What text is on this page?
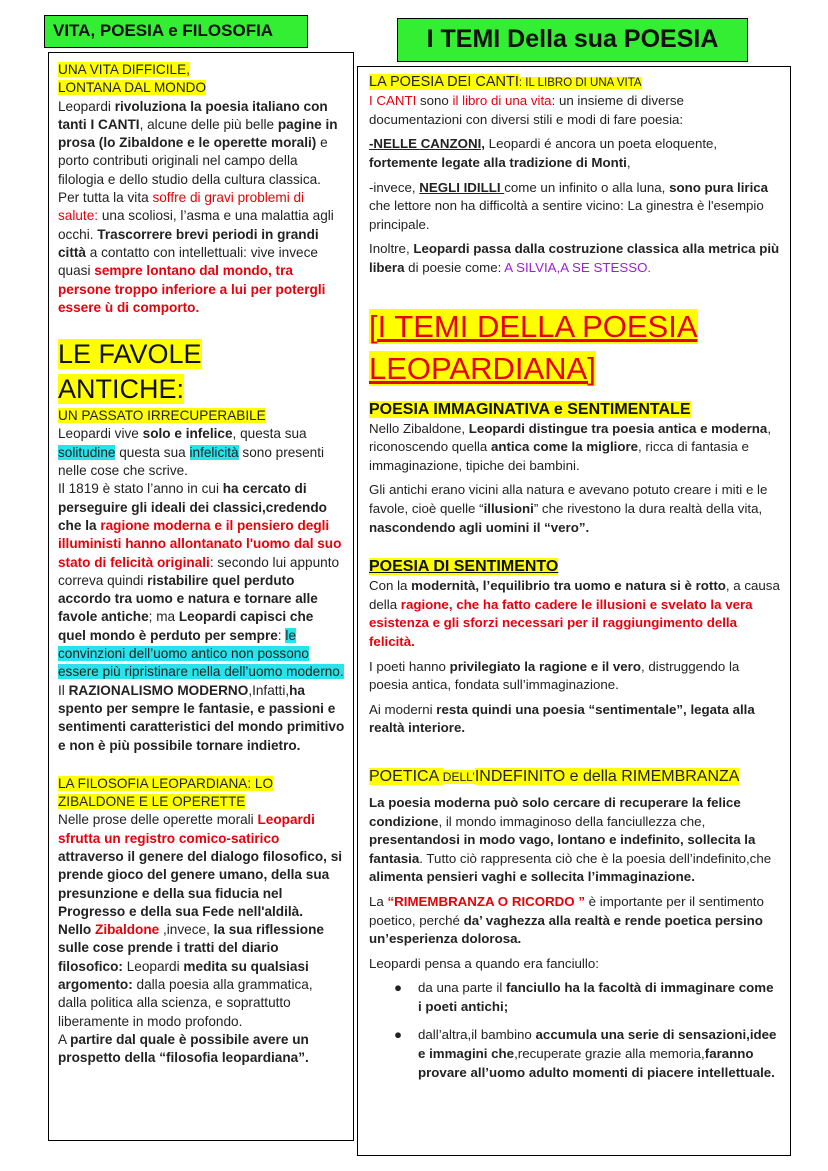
VITA, POESIA e FILOSOFIA	I TEMI Della sua POESIA

UNA VITA DIFFICILE,
LONTANA DAL MONDO

Leopardi rivoluziona la poesia italiano con tanti I CANTI, alcune delle più belle pagine in prosa (lo Zibaldone e le operette morali) e porto contributi originali nel campo della filologia e dello studio della cultura classica.
Per tutta la vita soffre di gravi problemi di salute: una scoliosi, l’asma e una malattia agli occhi. Trascorrere brevi periodi in grandi città a contatto con intellettuali: vive invece quasi sempre lontano dal mondo, tra persone troppo inferiore a lui per potergli essere ù di comporto.

LE FAVOLE
ANTICHE:

UN PASSATO IRRECUPERABILE

Leopardi vive solo e infelice, questa sua solitudine questa sua infelicità sono presenti nelle cose che scrive.
Il 1819 è stato l’anno in cui ha cercato di perseguire gli ideali dei classici,credendo che la ragione moderna e il pensiero degli illuministi hanno allontanato l'uomo dal suo stato di felicità originali: secondo lui appunto correva quindi ristabilire quel perduto accordo tra uomo e natura e tornare alle favole antiche; ma Leopardi capisci che quel mondo è perduto per sempre: le convinzioni dell’uomo antico non possono essere più ripristinare nella dell’uomo moderno.
Il RAZIONALISMO MODERNO,Infatti,ha spento per sempre le fantasie, e passioni e sentimenti caratteristici del mondo primitivo e non è più possibile tornare indietro.

LA FILOSOFIA LEOPARDIANA: LO
ZIBALDONE E LE OPERETTE

Nelle prose delle operette morali Leopardi sfrutta un registro comico-satirico attraverso il genere del dialogo filosofico, si prende gioco del genere umano, della sua presunzione e della sua fiducia nel Progresso e della sua Fede nell'aldilà.
Nello Zibaldone ,invece, la sua riflessione sulle cose prende i tratti del diario filosofico: Leopardi medita su qualsiasi argomento: dalla poesia alla grammatica, dalla politica alla scienza, e soprattutto liberamente in modo profondo.
A partire dal quale è possibile avere un prospetto della “filosofia leopardiana”.

LA POESIA DEI CANTI: IL LIBRO DI UNA VITA

I CANTI sono il libro di una vita: un insieme di diverse documentazioni con diversi stili e modi di fare poesia:

-NELLE CANZONI, Leopardi é ancora un poeta eloquente, fortemente legate alla tradizione di Monti,

-invece, NEGLI IDILLI come un infinito o alla luna, sono pura lirica che lettore non ha difficoltà a sentire vicino: La ginestra è l'esempio principale.

Inoltre, Leopardi passa dalla costruzione classica alla metrica più libera di poesie come: A SILVIA,A SE STESSO.

[I TEMI DELLA POESIA
LEOPARDIANA]

POESIA IMMAGINATIVA e SENTIMENTALE

Nello Zibaldone, Leopardi distingue tra poesia antica e moderna, riconoscendo quella antica come la migliore, ricca di fantasia e immaginazione, tipiche dei bambini.

Gli antichi erano vicini alla natura e avevano potuto creare i miti e le favole, cioè quelle “illusioni” che rivestono la dura realtà della vita, nascondendo agli uomini il “vero”.

POESIA DI SENTIMENTO

Con la modernità, l’equilibrio tra uomo e natura si è rotto, a causa della ragione, che ha fatto cadere le illusioni e svelato la vera esistenza e gli sforzi necessari per il raggiungimento della felicità.

I poeti hanno privilegiato la ragione e il vero, distruggendo la poesia antica, fondata sull’immaginazione.

Ai moderni resta quindi una poesia “sentimentale”, legata alla realtà interiore.

POETICA DELL’INDEFINITO e della RIMEMBRANZA

La poesia moderna può solo cercare di recuperare la felice condizione, il mondo immaginoso della fanciullezza che, presentandosi in modo vago, lontano e indefinito, sollecita la fantasia. Tutto ciò rappresenta ciò che è la poesia dell’indefinito,che alimenta pensieri vaghi e sollecita l’immaginazione.

La “RIMEMBRANZA O RICORDO ” è importante per il sentimento poetico, perché da’ vaghezza alla realtà e rende poetica persino un’esperienza dolorosa.

Leopardi pensa a quando era fanciullo:

● da una parte il fanciullo ha la facoltà di immaginare come i poeti antichi;
● dall’altra,il bambino accumula una serie di sensazioni,idee e immagini che,recuperate grazie alla memoria,faranno provare all’uomo adulto momenti di piacere intellettuale.
